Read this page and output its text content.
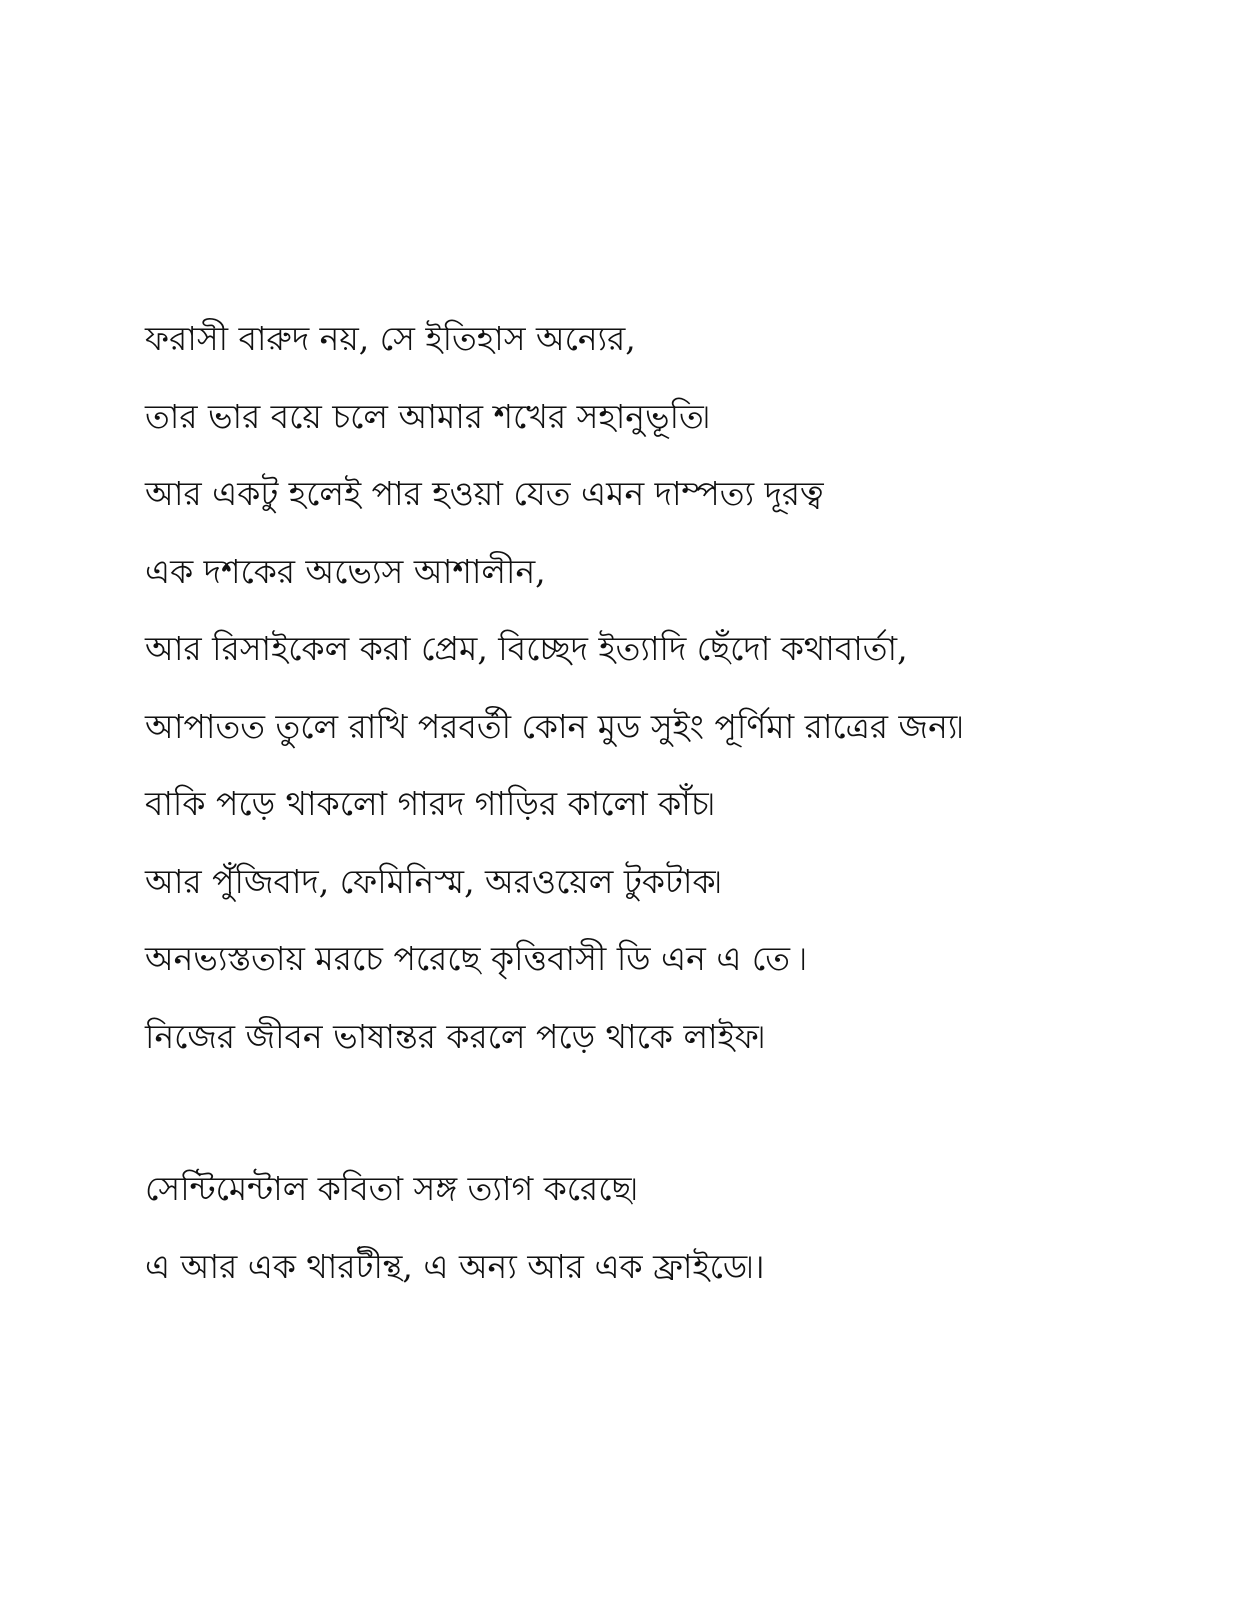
ফরাসী বারুদ নয়, সে ইতিহাস অন্যের,

তার ভার বয়ে চলে আমার শখের সহানুভূতি৷

আর একটু হলেই পার হওয়া যেত এমন দাম্পত্য দূরত্ব

এক দশকের অভ্যেস আশালীন,

আর রিসাইকেল করা প্রেম, বিচ্ছেদ ইত্যাদি ছেঁদো কথাবার্তা,

আপাতত তুলে রাখি পরবর্তী কোন মুড সুইং পূর্ণিমা রাত্রের জন্য৷

বাকি পড়ে থাকলো গারদ গাড়ির কালো কাঁচ৷

আর পুঁজিবাদ, ফেমিনিস্ম, অরওয়েল টুকটাক৷

অনভ্যস্ততায় মরচে পরেছে কৃত্তিবাসী ডি এন এ তে ৷

নিজের জীবন ভাষান্তর করলে পড়ে থাকে লাইফ৷

সেন্টিমেন্টাল কবিতা সঙ্গ ত্যাগ করেছে৷

এ আর এক থারটীন্থ, এ অন্য আর এক ফ্রাইডে৷।
